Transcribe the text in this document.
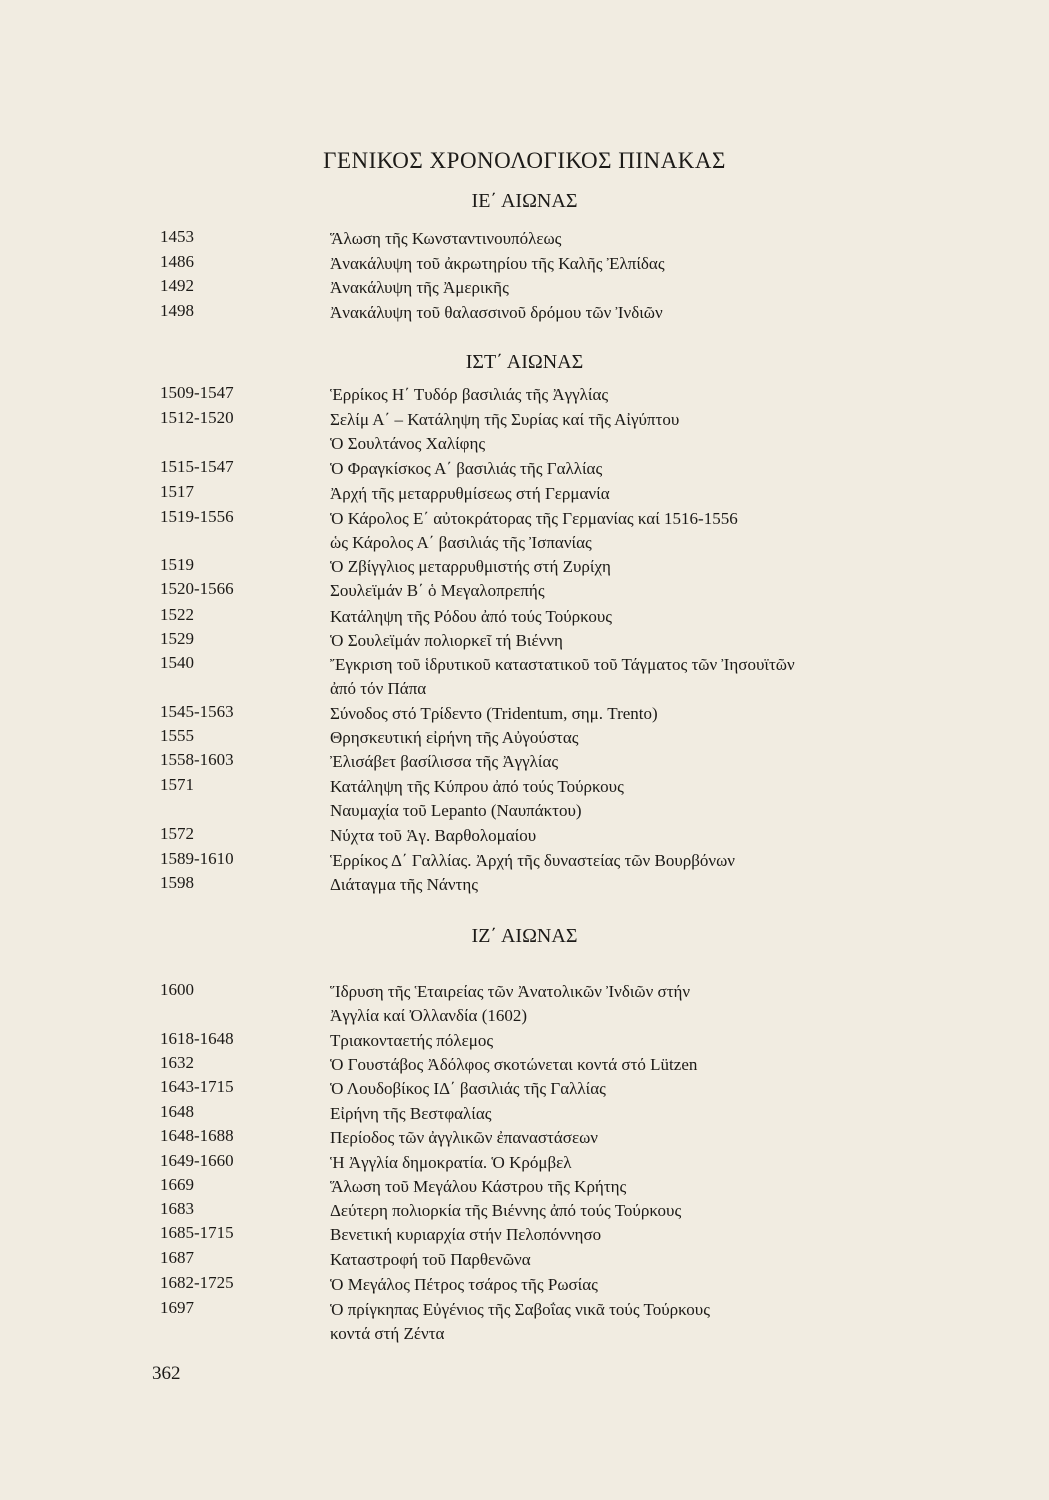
ΓΕΝΙΚΟΣ ΧΡΟΝΟΛΟΓΙΚΟΣ ΠΙΝΑΚΑΣ
ΙΕ΄ ΑΙΩΝΑΣ
1453	Ἅλωση τῆς Κωνσταντινουπόλεως
1486	Ἀνακάλυψη τοῦ ἀκρωτηρίου τῆς Καλῆς Ἐλπίδας
1492	Ἀνακάλυψη τῆς Ἀμερικῆς
1498	Ἀνακάλυψη τοῦ θαλασσινοῦ δρόμου τῶν Ἰνδιῶν
ΙΣΤ΄ ΑΙΩΝΑΣ
1509-1547	Ἑρρίκος Η΄ Τυδόρ βασιλιάς τῆς Ἀγγλίας
1512-1520	Σελίμ Α΄ – Κατάληψη τῆς Συρίας καί τῆς Αἰγύπτου
Ὁ Σουλτάνος Χαλίφης
1515-1547	Ὁ Φραγκίσκος Α΄ βασιλιάς τῆς Γαλλίας
1517	Ἀρχή τῆς μεταρρυθμίσεως στή Γερμανία
1519-1556	Ὁ Κάρολος Ε΄ αὐτοκράτορας τῆς Γερμανίας καί 1516-1556
ὡς Κάρολος Α΄ βασιλιάς τῆς Ἰσπανίας
1519	Ὁ Ζβίγγλιος μεταρρυθμιστής στή Ζυρίχη
1520-1566	Σουλεϊμάν Β΄ ὁ Μεγαλοπρεπής
1522	Κατάληψη τῆς Ρόδου ἀπό τούς Τούρκους
1529	Ὁ Σουλεϊμάν πολιορκεῖ τή Βιέννη
1540	Ἔγκριση τοῦ ἱδρυτικοῦ καταστατικοῦ τοῦ Τάγματος τῶν Ἰησουϊτῶν
ἀπό τόν Πάπα
1545-1563	Σύνοδος στό Τρίδεντο (Tridentum, σημ. Trento)
1555	Θρησκευτική εἰρήνη τῆς Αὐγούστας
1558-1603	Ἐλισάβετ βασίλισσα τῆς Ἀγγλίας
1571	Κατάληψη τῆς Κύπρου ἀπό τούς Τούρκους
Ναυμαχία τοῦ Lepanto (Ναυπάκτου)
1572	Νύχτα τοῦ Ἁγ. Βαρθολομαίου
1589-1610	Ἑρρίκος Δ΄ Γαλλίας. Ἀρχή τῆς δυναστείας τῶν Βουρβόνων
1598	Διάταγμα τῆς Νάντης
ΙΖ΄ ΑΙΩΝΑΣ
1600	Ἵδρυση τῆς Ἑταιρείας τῶν Ἀνατολικῶν Ἰνδιῶν στήν
Ἀγγλία καί Ὀλλανδία (1602)
1618-1648	Τριακονταετής πόλεμος
1632	Ὁ Γουστάβος Ἀδόλφος σκοτώνεται κοντά στό Lützen
1643-1715	Ὁ Λουδοβίκος ΙΔ΄ βασιλιάς τῆς Γαλλίας
1648	Εἰρήνη τῆς Βεστφαλίας
1648-1688	Περίοδος τῶν ἀγγλικῶν ἐπαναστάσεων
1649-1660	Ἡ Ἀγγλία δημοκρατία. Ὁ Κρόμβελ
1669	Ἅλωση τοῦ Μεγάλου Κάστρου τῆς Κρήτης
1683	Δεύτερη πολιορκία τῆς Βιέννης ἀπό τούς Τούρκους
1685-1715	Βενετική κυριαρχία στήν Πελοπόννησο
1687	Καταστροφή τοῦ Παρθενῶνα
1682-1725	Ὁ Μεγάλος Πέτρος τσάρος τῆς Ρωσίας
1697	Ὁ πρίγκηπας Εὐγένιος τῆς Σαβοΐας νικᾶ τούς Τούρκους
κοντά στή Ζέντα
362
